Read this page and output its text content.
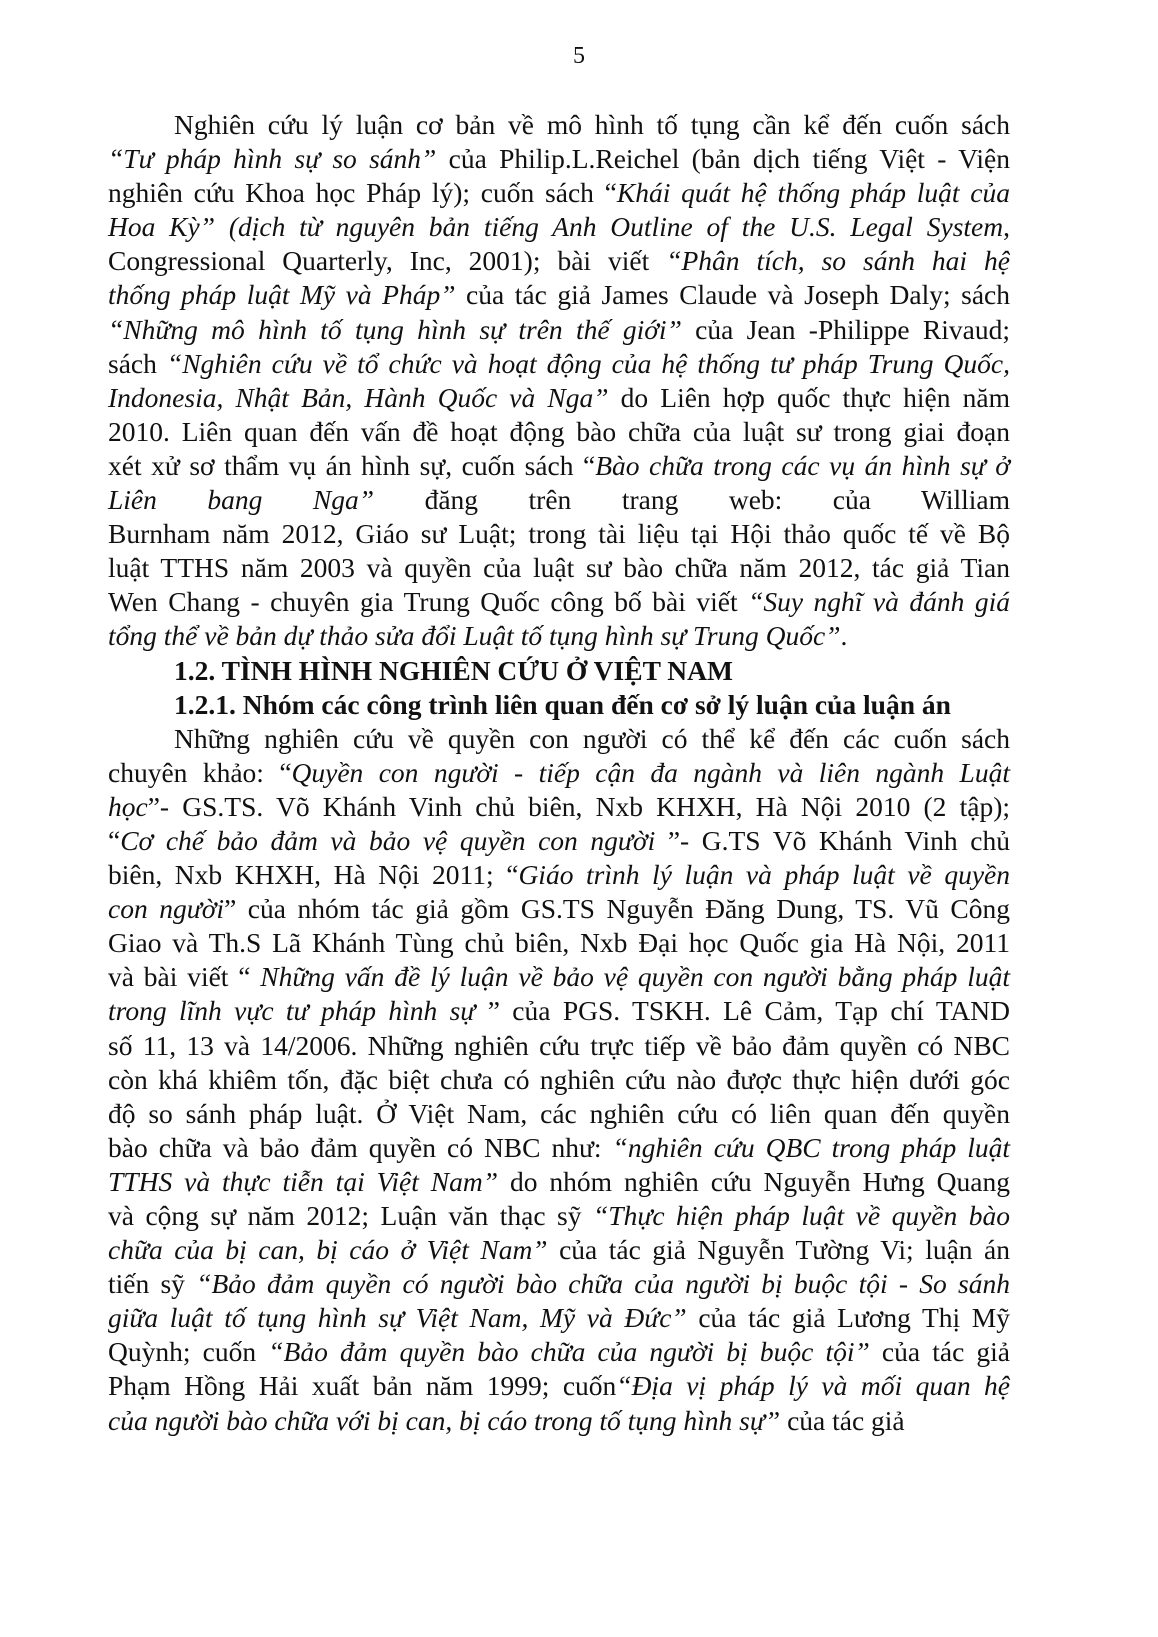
5
Nghiên cứu lý luận cơ bản về mô hình tố tụng cần kể đến cuốn sách
“Tư pháp hình sự so sánh” của Philip.L.Reichel (bản dịch tiếng Việt - Viện
nghiên cứu Khoa học Pháp lý); cuốn sách “Khái quát hệ thống pháp luật của
Hoa Kỳ” (dịch từ nguyên bản tiếng Anh Outline of the U.S. Legal System,
Congressional Quarterly, Inc, 2001); bài viết “Phân tích, so sánh hai hệ
thống pháp luật Mỹ và Pháp” của tác giả James Claude và Joseph Daly; sách
“Những mô hình tố tụng hình sự trên thế giới” của Jean -Philippe Rivaud;
sách “Nghiên cứu về tổ chức và hoạt động của hệ thống tư pháp Trung Quốc,
Indonesia, Nhật Bản, Hành Quốc và Nga” do Liên hợp quốc thực hiện năm
2010. Liên quan đến vấn đề hoạt động bào chữa của luật sư trong giai đoạn
xét xử sơ thẩm vụ án hình sự, cuốn sách “Bào chữa trong các vụ án hình sự ở
Liên bang Nga” đăng trên trang web: của William
Burnham năm 2012, Giáo sư Luật; trong tài liệu tại Hội thảo quốc tế về Bộ
luật TTHS năm 2003 và quyền của luật sư bào chữa năm 2012, tác giả Tian
Wen Chang - chuyên gia Trung Quốc công bố bài viết “Suy nghĩ và đánh giá
tổng thể về bản dự thảo sửa đổi Luật tố tụng hình sự Trung Quốc”.
1.2. TÌNH HÌNH NGHIÊN CỨU Ở VIỆT NAM
1.2.1. Nhóm các công trình liên quan đến cơ sở lý luận của luận án
Những nghiên cứu về quyền con người có thể kể đến các cuốn sách
chuyên khảo: “Quyền con người - tiếp cận đa ngành và liên ngành Luật
học”- GS.TS. Võ Khánh Vinh chủ biên, Nxb KHXH, Hà Nội 2010 (2 tập);
“Cơ chế bảo đảm và bảo vệ quyền con người ”- G.TS Võ Khánh Vinh chủ
biên, Nxb KHXH, Hà Nội 2011; “Giáo trình lý luận và pháp luật về quyền
con người” của nhóm tác giả gồm GS.TS Nguyễn Đăng Dung, TS. Vũ Công
Giao và Th.S Lã Khánh Tùng chủ biên, Nxb Đại học Quốc gia Hà Nội, 2011
và bài viết “ Những vấn đề lý luận về bảo vệ quyền con người bằng pháp luật
trong lĩnh vực tư pháp hình sự ” của PGS. TSKH. Lê Cảm, Tạp chí TAND
số 11, 13 và 14/2006. Những nghiên cứu trực tiếp về bảo đảm quyền có NBC
còn khá khiêm tốn, đặc biệt chưa có nghiên cứu nào được thực hiện dưới góc
độ so sánh pháp luật. Ở Việt Nam, các nghiên cứu có liên quan đến quyền
bào chữa và bảo đảm quyền có NBC như: “nghiên cứu QBC trong pháp luật
TTHS và thực tiễn tại Việt Nam” do nhóm nghiên cứu Nguyễn Hưng Quang
và cộng sự năm 2012; Luận văn thạc sỹ “Thực hiện pháp luật về quyền bào
chữa của bị can, bị cáo ở Việt Nam” của tác giả Nguyễn Tường Vi; luận án
tiến sỹ “Bảo đảm quyền có người bào chữa của người bị buộc tội - So sánh
giữa luật tố tụng hình sự Việt Nam, Mỹ và Đức” của tác giả Lương Thị Mỹ
Quỳnh; cuốn “Bảo đảm quyền bào chữa của người bị buộc tội” của tác giả
Phạm Hồng Hải xuất bản năm 1999; cuốn“Địa vị pháp lý và mối quan hệ
của người bào chữa với bị can, bị cáo trong tố tụng hình sự” của tác giả
